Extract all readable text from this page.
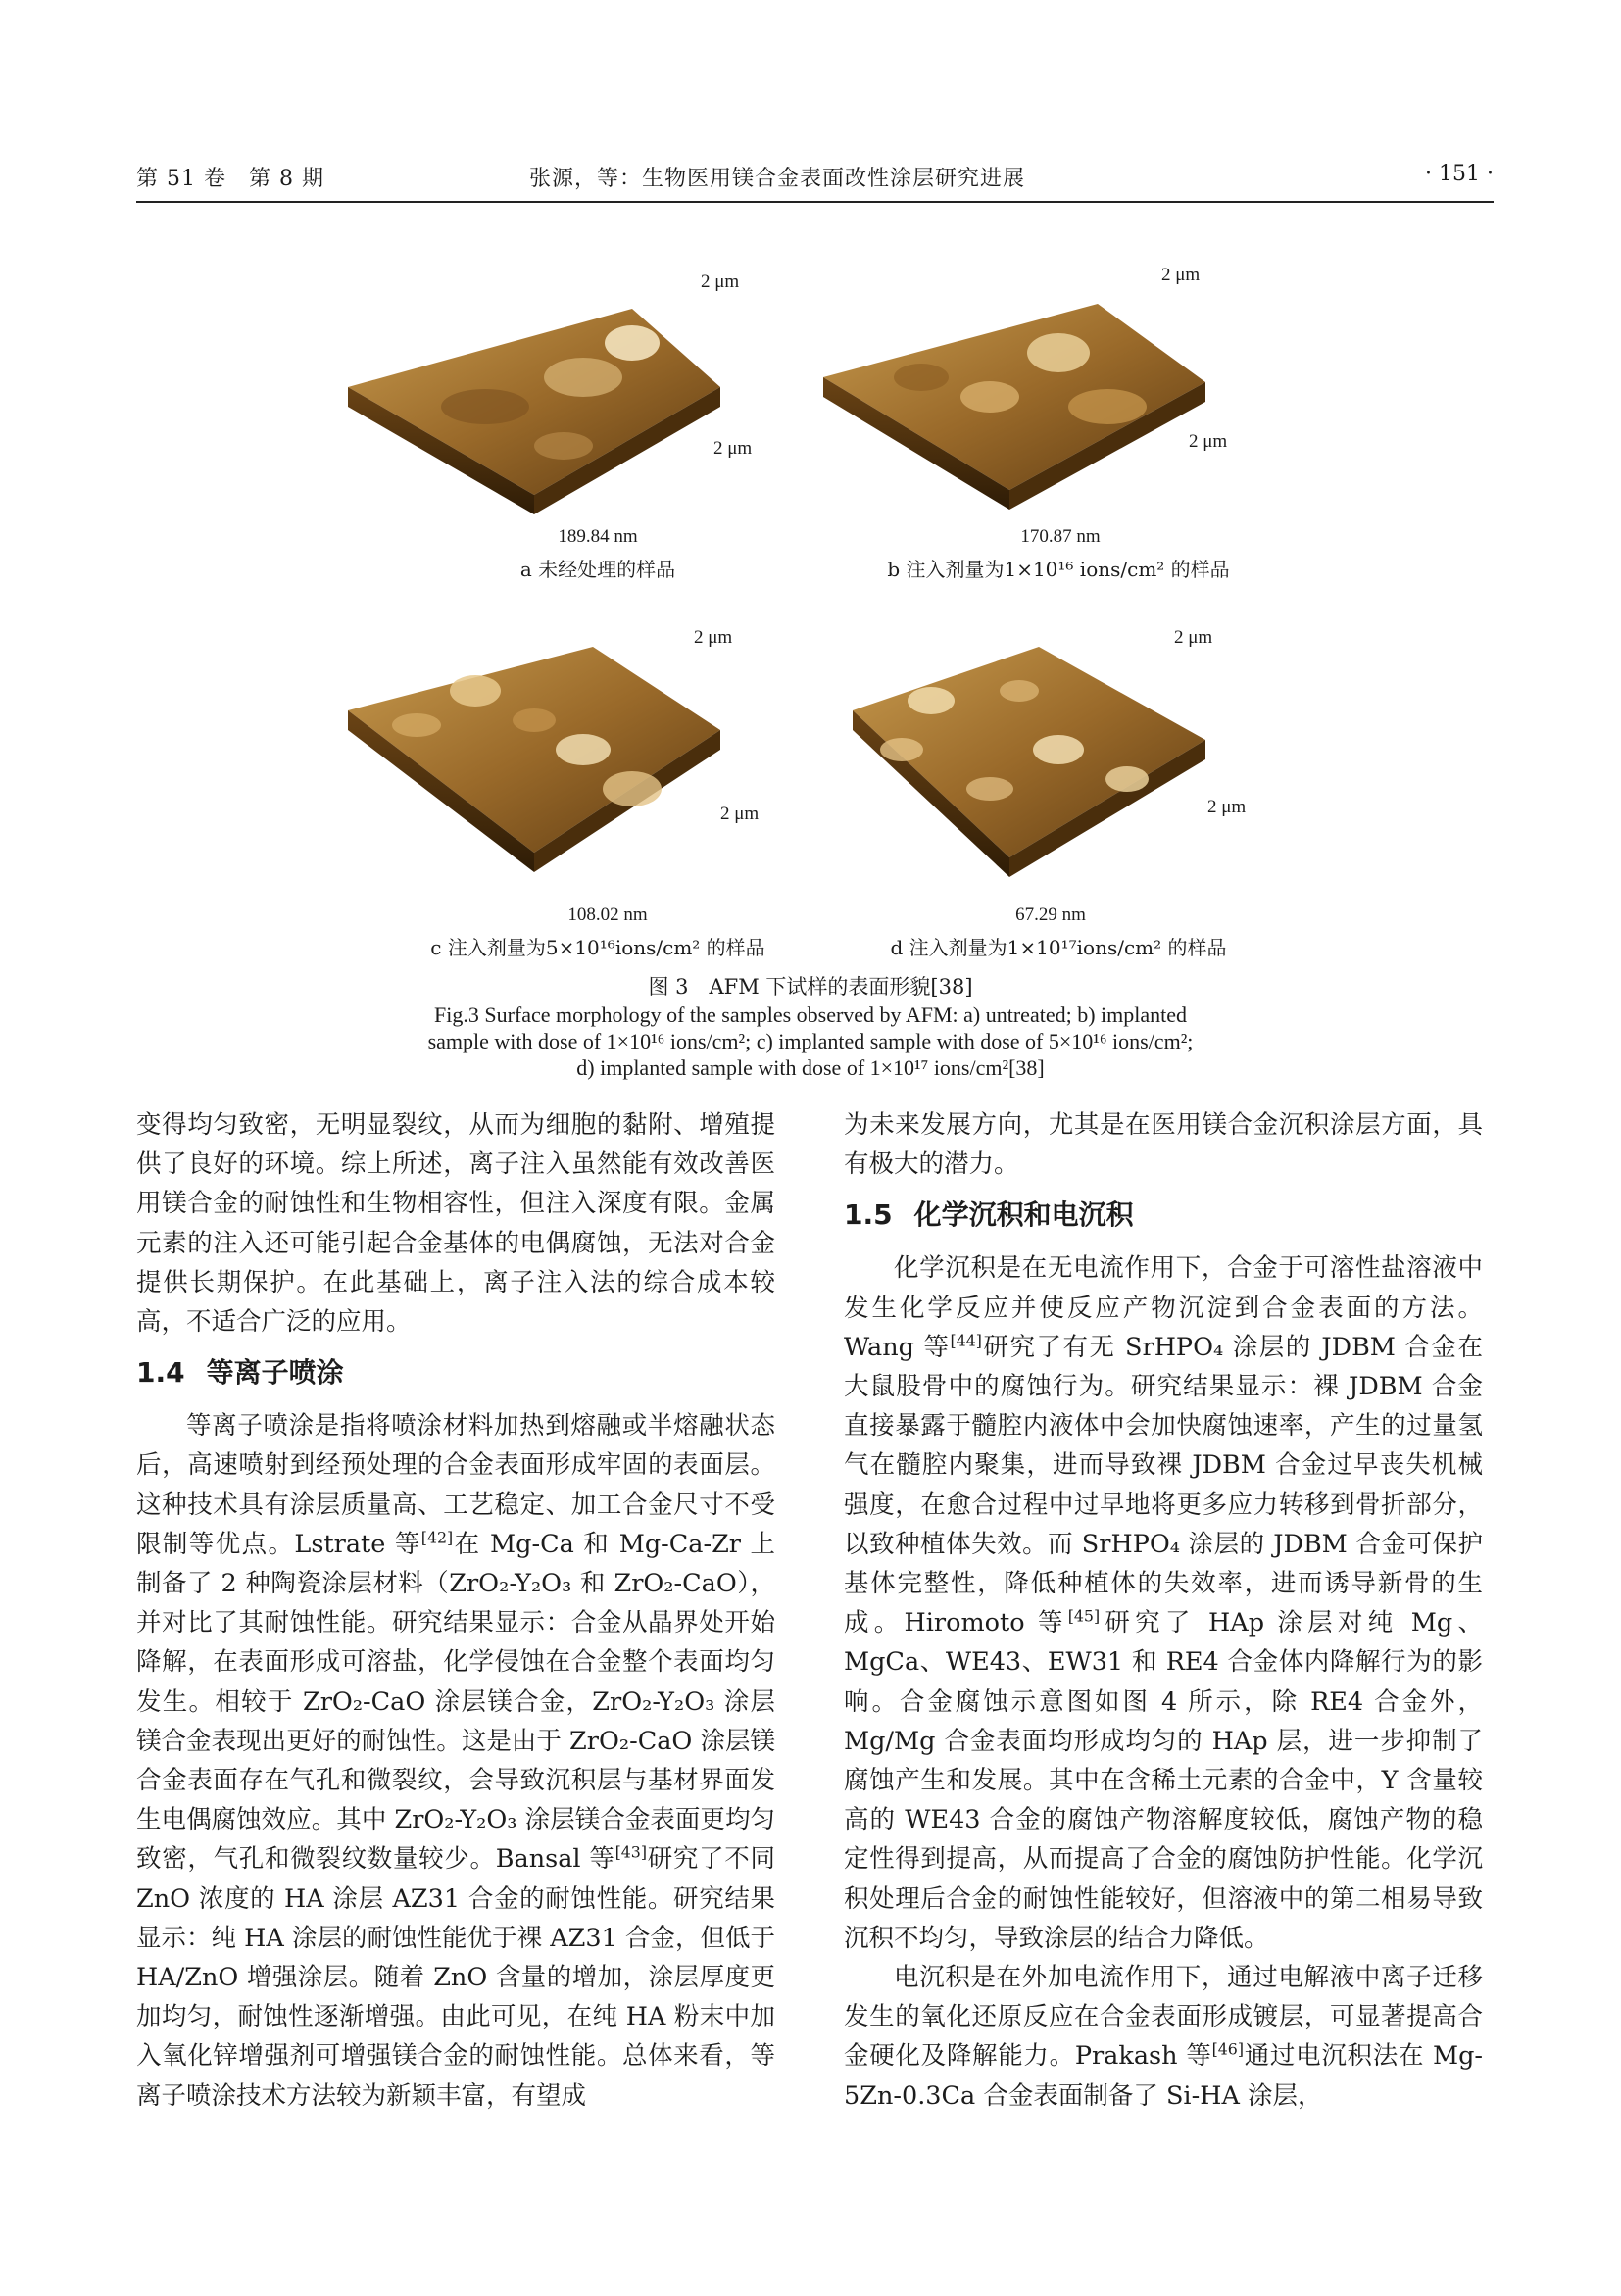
第 51 卷　第 8 期	张源，等：生物医用镁合金表面改性涂层研究进展	· 151 ·
2 μm
2 μm
189.84 nm
a 未经处理的样品
2 μm
2 μm
170.87 nm
b 注入剂量为1×10¹⁶ ions/cm² 的样品
2 μm
2 μm
108.02 nm
c 注入剂量为5×10¹⁶ions/cm² 的样品
2 μm
2 μm
67.29 nm
d 注入剂量为1×10¹⁷ions/cm² 的样品
图 3　AFM 下试样的表面形貌[38]
Fig.3 Surface morphology of the samples observed by AFM: a) untreated; b) implanted
sample with dose of 1×10¹⁶ ions/cm²; c) implanted sample with dose of 5×10¹⁶ ions/cm²;
d) implanted sample with dose of 1×10¹⁷ ions/cm²[38]

变得均匀致密，无明显裂纹，从而为细胞的黏附、增殖提供了良好的环境。综上所述，离子注入虽然能有效改善医用镁合金的耐蚀性和生物相容性，但注入深度有限。金属元素的注入还可能引起合金基体的电偶腐蚀，无法对合金提供长期保护。在此基础上，离子注入法的综合成本较高，不适合广泛的应用。

1.4 等离子喷涂

等离子喷涂是指将喷涂材料加热到熔融或半熔融状态后，高速喷射到经预处理的合金表面形成牢固的表面层。这种技术具有涂层质量高、工艺稳定、加工合金尺寸不受限制等优点。Lstrate 等[42]在 Mg-Ca 和 Mg-Ca-Zr 上制备了 2 种陶瓷涂层材料（ZrO₂-Y₂O₃ 和 ZrO₂-CaO），并对比了其耐蚀性能。研究结果显示：合金从晶界处开始降解，在表面形成可溶盐，化学侵蚀在合金整个表面均匀发生。相较于 ZrO₂-CaO 涂层镁合金，ZrO₂-Y₂O₃ 涂层镁合金表现出更好的耐蚀性。这是由于 ZrO₂-CaO 涂层镁合金表面存在气孔和微裂纹，会导致沉积层与基材界面发生电偶腐蚀效应。其中 ZrO₂-Y₂O₃ 涂层镁合金表面更均匀致密，气孔和微裂纹数量较少。Bansal 等[43]研究了不同 ZnO 浓度的 HA 涂层 AZ31 合金的耐蚀性能。研究结果显示：纯 HA 涂层的耐蚀性能优于裸 AZ31 合金，但低于 HA/ZnO 增强涂层。随着 ZnO 含量的增加，涂层厚度更加均匀，耐蚀性逐渐增强。由此可见，在纯 HA 粉末中加入氧化锌增强剂可增强镁合金的耐蚀性能。总体来看，等离子喷涂技术方法较为新颖丰富，有望成

为未来发展方向，尤其是在医用镁合金沉积涂层方面，具有极大的潜力。

1.5 化学沉积和电沉积

化学沉积是在无电流作用下，合金于可溶性盐溶液中发生化学反应并使反应产物沉淀到合金表面的方法。Wang 等[44]研究了有无 SrHPO₄ 涂层的 JDBM 合金在大鼠股骨中的腐蚀行为。研究结果显示：裸 JDBM 合金直接暴露于髓腔内液体中会加快腐蚀速率，产生的过量氢气在髓腔内聚集，进而导致裸 JDBM 合金过早丧失机械强度，在愈合过程中过早地将更多应力转移到骨折部分，以致种植体失效。而 SrHPO₄ 涂层的 JDBM 合金可保护基体完整性，降低种植体的失效率，进而诱导新骨的生成。Hiromoto 等[45]研究了 HAp 涂层对纯 Mg、MgCa、WE43、EW31 和 RE4 合金体内降解行为的影响。合金腐蚀示意图如图 4 所示，除 RE4 合金外，Mg/Mg 合金表面均形成均匀的 HAp 层，进一步抑制了腐蚀产生和发展。其中在含稀土元素的合金中，Y 含量较高的 WE43 合金的腐蚀产物溶解度较低，腐蚀产物的稳定性得到提高，从而提高了合金的腐蚀防护性能。化学沉积处理后合金的耐蚀性能较好，但溶液中的第二相易导致沉积不均匀，导致涂层的结合力降低。

电沉积是在外加电流作用下，通过电解液中离子迁移发生的氧化还原反应在合金表面形成镀层，可显著提高合金硬化及降解能力。Prakash 等[46]通过电沉积法在 Mg-5Zn-0.3Ca 合金表面制备了 Si-HA 涂层，
